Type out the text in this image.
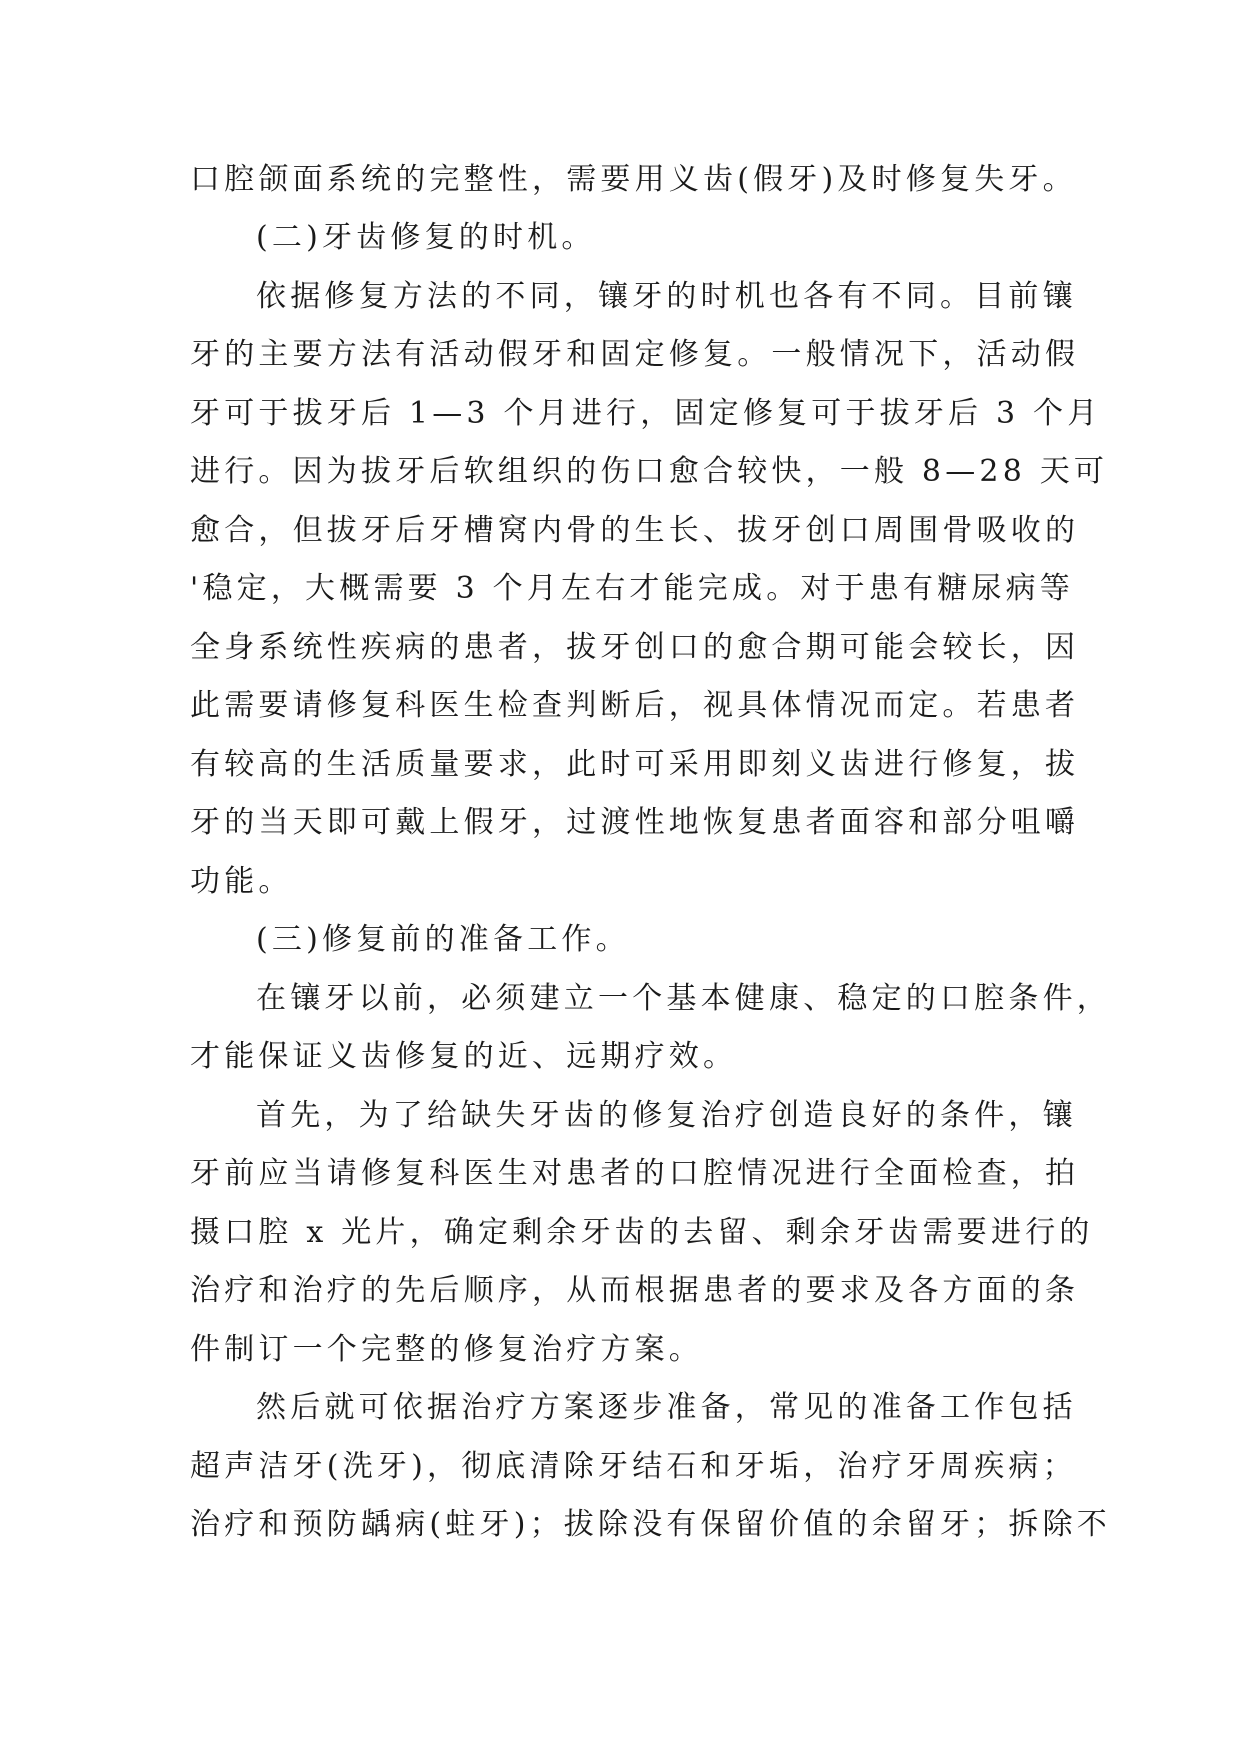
口腔颌面系统的完整性，需要用义齿(假牙)及时修复失牙。
(二)牙齿修复的时机。
依据修复方法的不同，镶牙的时机也各有不同。目前镶
牙的主要方法有活动假牙和固定修复。一般情况下，活动假
牙可于拔牙后 1—3 个月进行，固定修复可于拔牙后 3 个月
进行。因为拔牙后软组织的伤口愈合较快，一般 8—28 天可
愈合，但拔牙后牙槽窝内骨的生长、拔牙创口周围骨吸收的
'稳定，大概需要 3 个月左右才能完成。对于患有糖尿病等
全身系统性疾病的患者，拔牙创口的愈合期可能会较长，因
此需要请修复科医生检查判断后，视具体情况而定。若患者
有较高的生活质量要求，此时可采用即刻义齿进行修复，拔
牙的当天即可戴上假牙，过渡性地恢复患者面容和部分咀嚼
功能。
(三)修复前的准备工作。
在镶牙以前，必须建立一个基本健康、稳定的口腔条件，
才能保证义齿修复的近、远期疗效。
首先，为了给缺失牙齿的修复治疗创造良好的条件，镶
牙前应当请修复科医生对患者的口腔情况进行全面检查，拍
摄口腔 x 光片，确定剩余牙齿的去留、剩余牙齿需要进行的
治疗和治疗的先后顺序，从而根据患者的要求及各方面的条
件制订一个完整的修复治疗方案。
然后就可依据治疗方案逐步准备，常见的准备工作包括
超声洁牙(洗牙)，彻底清除牙结石和牙垢，治疗牙周疾病；
治疗和预防龋病(蛀牙)；拔除没有保留价值的余留牙；拆除不
